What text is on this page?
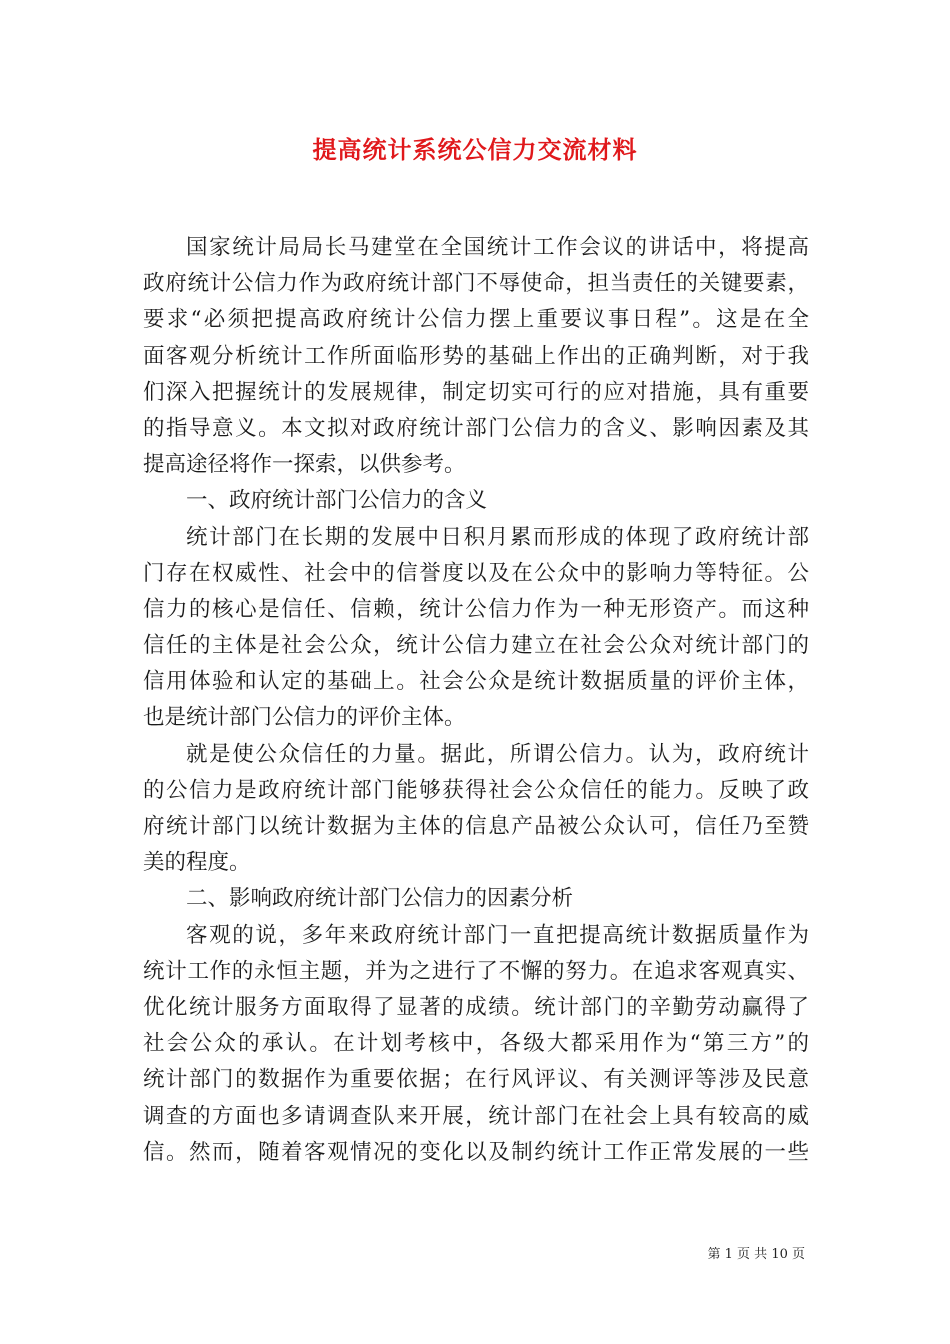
提高统计系统公信力交流材料
国家统计局局长马建堂在全国统计工作会议的讲话中，将提高
政府统计公信力作为政府统计部门不辱使命，担当责任的关键要素，
要求“必须把提高政府统计公信力摆上重要议事日程”。这是在全
面客观分析统计工作所面临形势的基础上作出的正确判断，对于我
们深入把握统计的发展规律，制定切实可行的应对措施，具有重要
的指导意义。本文拟对政府统计部门公信力的含义、影响因素及其
提高途径将作一探索，以供参考。
一、政府统计部门公信力的含义
统计部门在长期的发展中日积月累而形成的体现了政府统计部
门存在权威性、社会中的信誉度以及在公众中的影响力等特征。公
信力的核心是信任、信赖，统计公信力作为一种无形资产。而这种
信任的主体是社会公众，统计公信力建立在社会公众对统计部门的
信用体验和认定的基础上。社会公众是统计数据质量的评价主体，
也是统计部门公信力的评价主体。
就是使公众信任的力量。据此，所谓公信力。认为，政府统计
的公信力是政府统计部门能够获得社会公众信任的能力。反映了政
府统计部门以统计数据为主体的信息产品被公众认可，信任乃至赞
美的程度。
二、影响政府统计部门公信力的因素分析
客观的说，多年来政府统计部门一直把提高统计数据质量作为
统计工作的永恒主题，并为之进行了不懈的努力。在追求客观真实、
优化统计服务方面取得了显著的成绩。统计部门的辛勤劳动赢得了
社会公众的承认。在计划考核中，各级大都采用作为“第三方”的
统计部门的数据作为重要依据；在行风评议、有关测评等涉及民意
调查的方面也多请调查队来开展，统计部门在社会上具有较高的威
信。然而，随着客观情况的变化以及制约统计工作正常发展的一些
第 1 页 共 10 页
